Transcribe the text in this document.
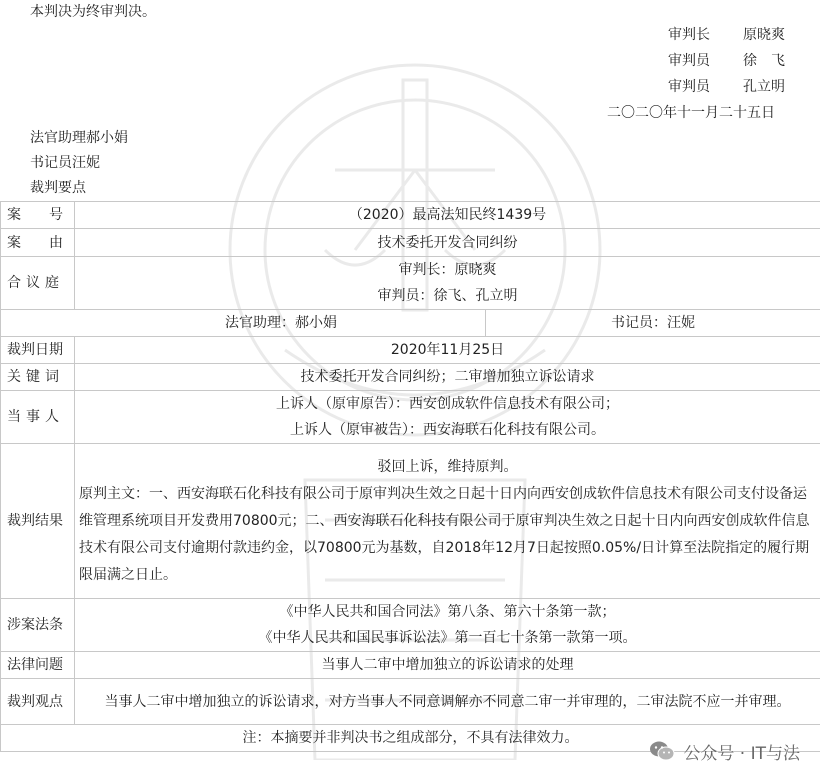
本判决为终审判决。
审判长 原晓爽
审判员 徐　飞
审判员 孔立明
二〇二〇年十一月二十五日
法官助理郝小娟
书记员汪妮
裁判要点
案　　号	（2020）最高法知民终1439号	
案　　由	技术委托开发合同纠纷	
合议庭	审判长：原晓爽
审判员：徐飞、孔立明	

法官助理：郝小娟		书记员：汪妮
裁判日期	2020年11月25日	
关键词	技术委托开发合同纠纷；二审增加独立诉讼请求	
当事人	上诉人（原审原告）：西安创成软件信息技术有限公司；
上诉人（原审被告）：西安海联石化科技有限公司。	

裁判结果	驳回上诉，维持原判。
原判主文：一、西安海联石化科技有限公司于原审判决生效之日起十日内向西安创成软件信息技术有限公司支付设备运维管理系统项目开发费用70800元；二、西安海联石化科技有限公司于原审判决生效之日起十日内向西安创成软件信息技术有限公司支付逾期付款违约金，以70800元为基数，自2018年12月7日起按照0.05%/日计算至法院指定的履行期限届满之日止。	

涉案法条	《中华人民共和国合同法》第八条、第六十条第一款；
《中华人民共和国民事诉讼法》第一百七十条第一款第一项。	

法律问题	当事人二审中增加独立的诉讼请求的处理	
裁判观点	当事人二审中增加独立的诉讼请求，对方当事人不同意调解亦不同意二审一并审理的，二审法院不应一并审理。	
注：本摘要并非判决书之组成部分，不具有法律效力。		
公众号 · IT与法
